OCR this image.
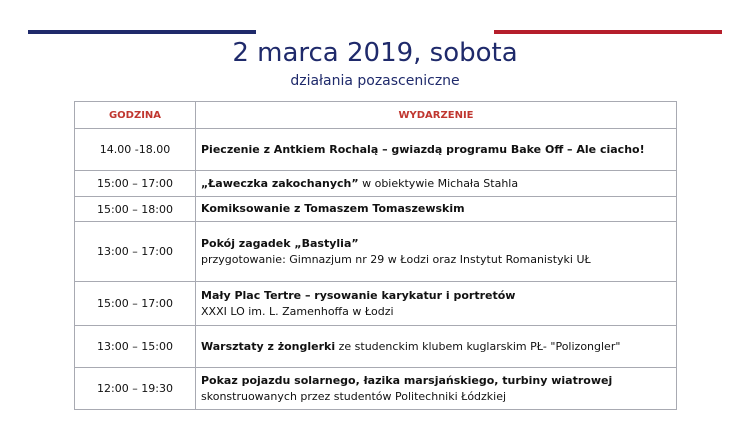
2 marca 2019, sobota
działania pozasceniczne
GODZINA	WYDARZENIE
14.00 -18.00	Pieczenie z Antkiem Rochalą – gwiazdą programu Bake Off – Ale ciacho!
15:00 – 17:00	„Ławeczka zakochanych” w obiektywie Michała Stahla
15:00 – 18:00	Komiksowanie z Tomaszem Tomaszewskim
13:00 – 17:00	Pokój zagadek „Bastylia”
przygotowanie: Gimnazjum nr 29 w Łodzi oraz Instytut Romanistyki UŁ
15:00 – 17:00	Mały Plac Tertre – rysowanie karykatur i portretów
XXXI LO im. L. Zamenhoffa w Łodzi
13:00 – 15:00	Warsztaty z żonglerki ze studenckim klubem kuglarskim PŁ- "Polizongler"
12:00 – 19:30	Pokaz pojazdu solarnego, łazika marsjańskiego, turbiny wiatrowej
skonstruowanych przez studentów Politechniki Łódzkiej
